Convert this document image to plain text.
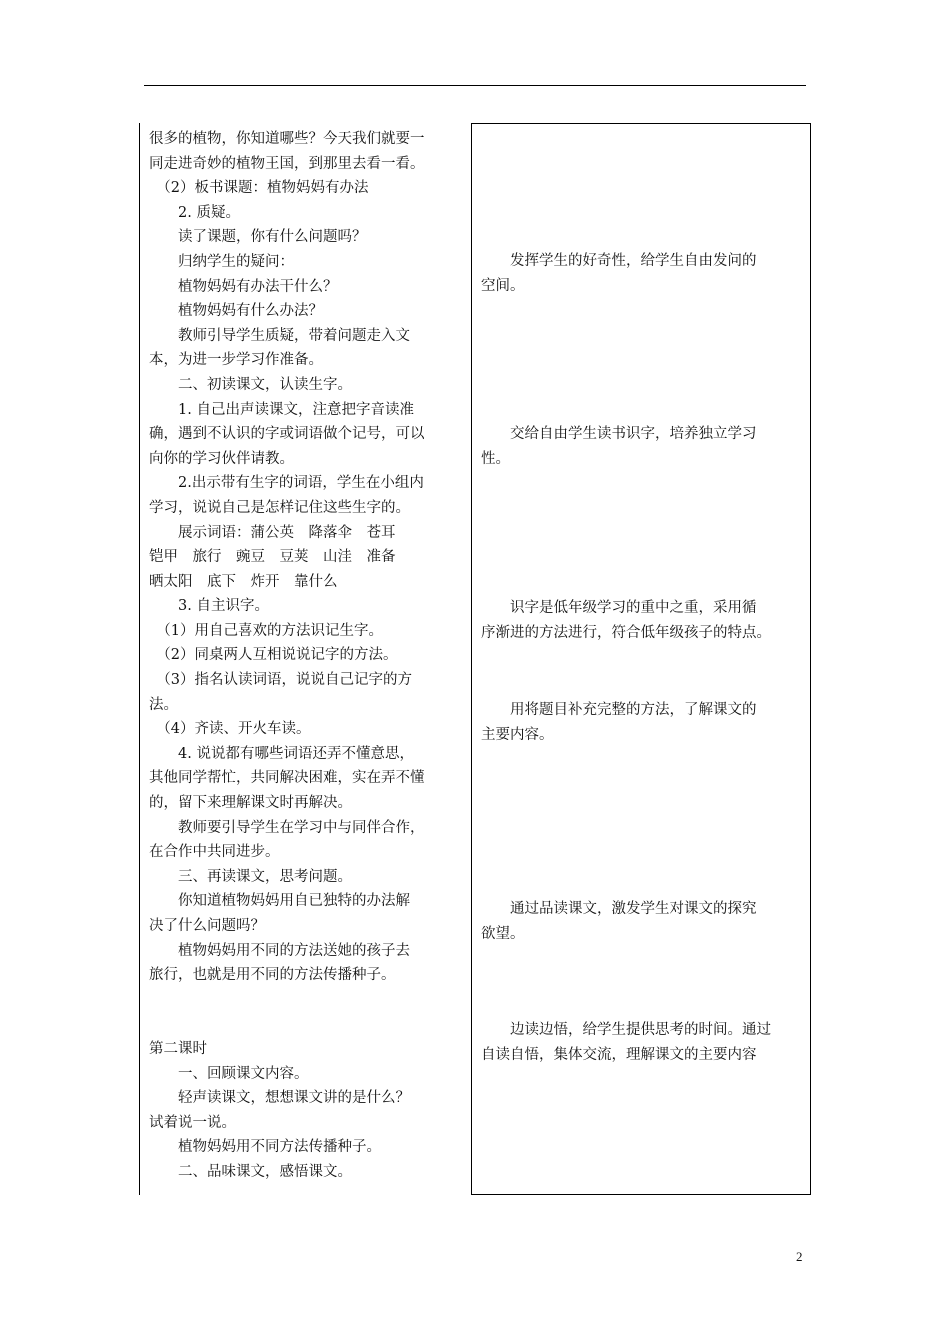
很多的植物，你知道哪些？今天我们就要一
同走进奇妙的植物王国，到那里去看一看。
　（2）板书课题：植物妈妈有办法
　　2. 质疑。
　　读了课题，你有什么问题吗？
　　归纳学生的疑问：
　　植物妈妈有办法干什么？
　　植物妈妈有什么办法？
　　教师引导学生质疑，带着问题走入文
本，为进一步学习作准备。
　　二、初读课文，认读生字。
　　1. 自己出声读课文，注意把字音读准
确，遇到不认识的字或词语做个记号，可以
向你的学习伙伴请教。
　　2.出示带有生字的词语，学生在小组内
学习，说说自己是怎样记住这些生字的。
　　展示词语：蒲公英　降落伞　苍耳
铠甲　旅行　豌豆　豆荚　山洼　准备
晒太阳　底下　炸开　靠什么
　　3. 自主识字。
　（1）用自己喜欢的方法识记生字。
　（2）同桌两人互相说说记字的方法。
　（3）指名认读词语，说说自己记字的方
法。
　（4）齐读、开火车读。
　　4. 说说都有哪些词语还弄不懂意思，
其他同学帮忙，共同解决困难，实在弄不懂
的，留下来理解课文时再解决。
　　教师要引导学生在学习中与同伴合作，
在合作中共同进步。
　　三、再读课文，思考问题。
　　你知道植物妈妈用自已独特的办法解
决了什么问题吗？
　　植物妈妈用不同的方法送她的孩子去
旅行，也就是用不同的方法传播种子。
第二课时
　　一、回顾课文内容。
　　轻声读课文，想想课文讲的是什么？
试着说一说。
　　植物妈妈用不同方法传播种子。
　　二、品味课文，感悟课文。
　　发挥学生的好奇性，给学生自由发问的
空间。
　　交给自由学生读书识字，培养独立学习
性。
　　识字是低年级学习的重中之重，采用循
序渐进的方法进行，符合低年级孩子的特点。
　　用将题目补充完整的方法，了解课文的
主要内容。
　　通过品读课文，激发学生对课文的探究
欲望。
　　边读边悟，给学生提供思考的时间。通过
自读自悟，集体交流，理解课文的主要内容
2
